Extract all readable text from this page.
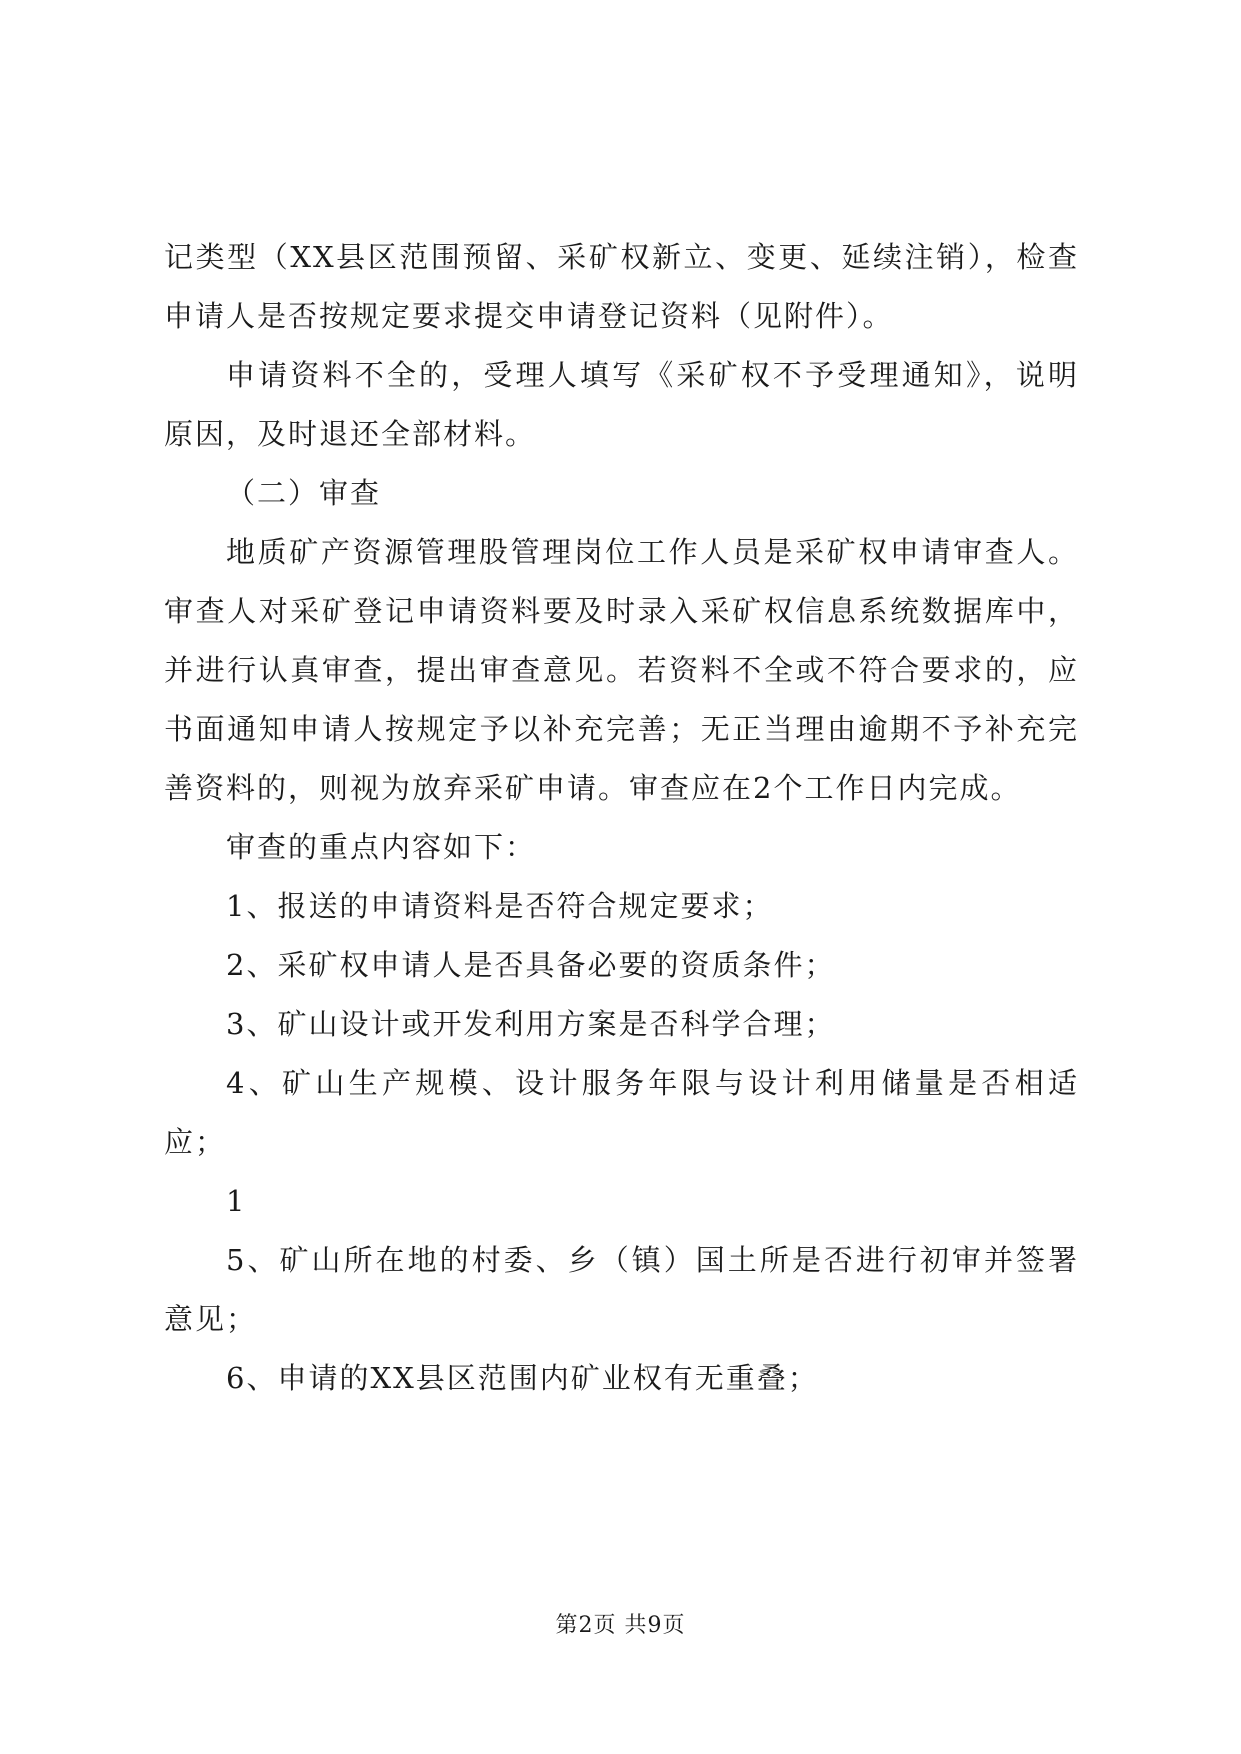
记类型（XX县区范围预留、采矿权新立、变更、延续注销），检查申请人是否按规定要求提交申请登记资料（见附件）。

申请资料不全的，受理人填写《采矿权不予受理通知》，说明原因，及时退还全部材料。

（二）审查

地质矿产资源管理股管理岗位工作人员是采矿权申请审查人。审查人对采矿登记申请资料要及时录入采矿权信息系统数据库中，并进行认真审查，提出审查意见。若资料不全或不符合要求的，应书面通知申请人按规定予以补充完善；无正当理由逾期不予补充完善资料的，则视为放弃采矿申请。审查应在2个工作日内完成。

审查的重点内容如下：

1、报送的申请资料是否符合规定要求；

2、采矿权申请人是否具备必要的资质条件；

3、矿山设计或开发利用方案是否科学合理；

4、矿山生产规模、设计服务年限与设计利用储量是否相适应；

1

5、矿山所在地的村委、乡（镇）国土所是否进行初审并签署意见；

6、申请的XX县区范围内矿业权有无重叠；

第2页 共9页
